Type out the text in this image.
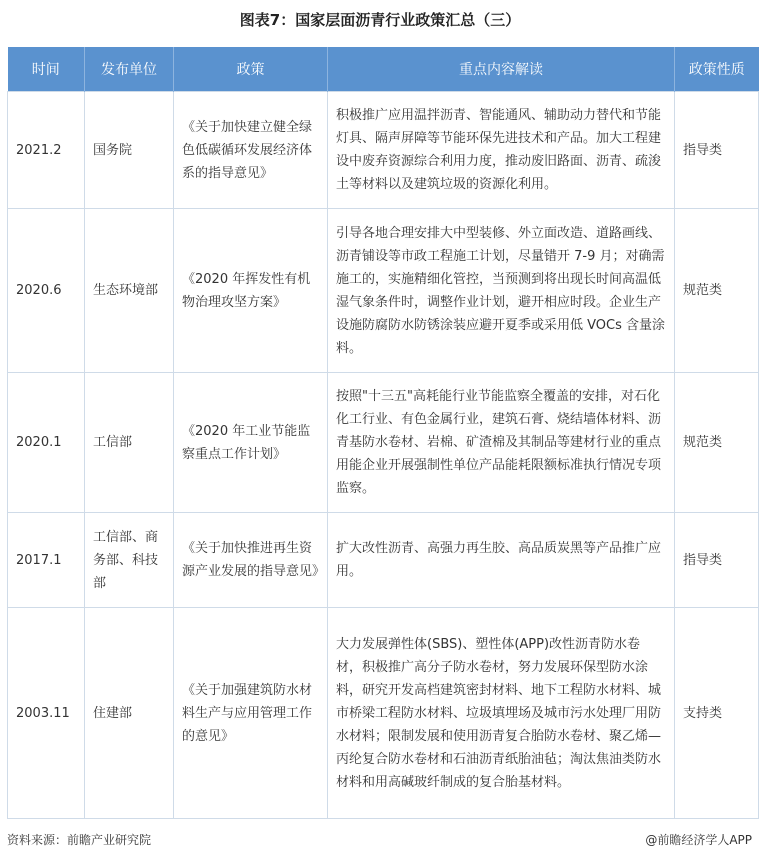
图表7：国家层面沥青行业政策汇总（三）
时间	发布单位	政策	重点内容解读	政策性质
2021.2	国务院	《关于加快建立健全绿色低碳循环发展经济体系的指导意见》	积极推广应用温拌沥青、智能通风、辅助动力替代和节能灯具、隔声屏障等节能环保先进技术和产品。加大工程建设中废弃资源综合利用力度，推动废旧路面、沥青、疏浚土等材料以及建筑垃圾的资源化利用。	指导类
2020.6	生态环境部	《2020 年挥发性有机物治理攻坚方案》	引导各地合理安排大中型装修、外立面改造、道路画线、沥青铺设等市政工程施工计划，尽量错开 7-9 月；对确需施工的，实施精细化管控，当预测到将出现长时间高温低湿气象条件时，调整作业计划，避开相应时段。企业生产设施防腐防水防锈涂装应避开夏季或采用低 VOCs 含量涂料。	规范类
2020.1	工信部	《2020 年工业节能监察重点工作计划》	按照"十三五"高耗能行业节能监察全覆盖的安排，对石化化工行业、有色金属行业，建筑石膏、烧结墙体材料、沥青基防水卷材、岩棉、矿渣棉及其制品等建材行业的重点用能企业开展强制性单位产品能耗限额标准执行情况专项监察。	规范类
2017.1	工信部、商务部、科技部	《关于加快推进再生资源产业发展的指导意见》	扩大改性沥青、高强力再生胶、高品质炭黑等产品推广应用。	指导类
2003.11	住建部	《关于加强建筑防水材料生产与应用管理工作的意见》	大力发展弹性体(SBS)、塑性体(APP)改性沥青防水卷材，积极推广高分子防水卷材，努力发展环保型防水涂料，研究开发高档建筑密封材料、地下工程防水材料、城市桥梁工程防水材料、垃圾填埋场及城市污水处理厂用防水材料；限制发展和使用沥青复合胎防水卷材、聚乙烯—丙纶复合防水卷材和石油沥青纸胎油毡；淘汰焦油类防水材料和用高碱玻纤制成的复合胎基材料。	支持类
资料来源：前瞻产业研究院	@前瞻经济学人APP
